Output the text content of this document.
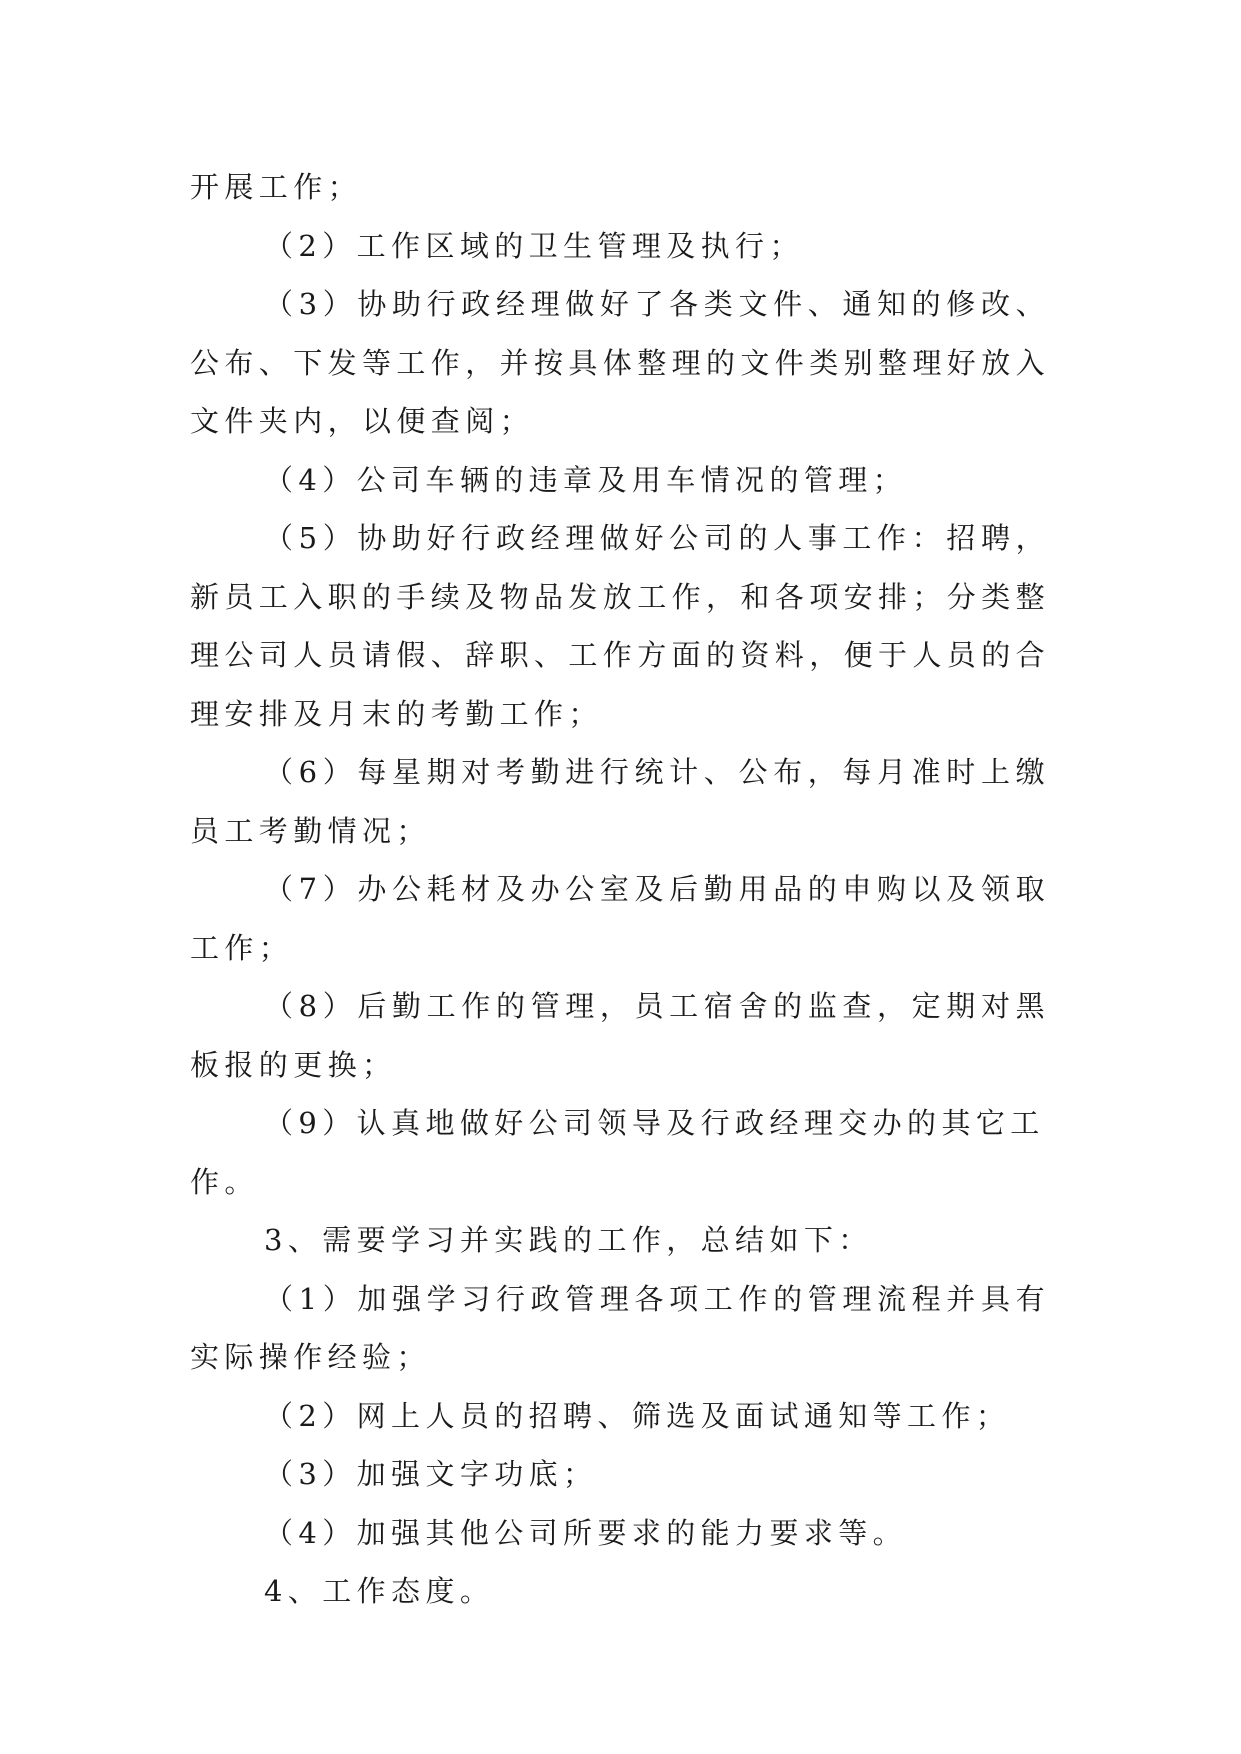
开展工作；

（2）工作区域的卫生管理及执行；

（3）协助行政经理做好了各类文件、通知的修改、公布、下发等工作，并按具体整理的文件类别整理好放入文件夹内，以便查阅；

（4）公司车辆的违章及用车情况的管理；

（5）协助好行政经理做好公司的人事工作：招聘，新员工入职的手续及物品发放工作，和各项安排；分类整理公司人员请假、辞职、工作方面的资料，便于人员的合理安排及月末的考勤工作；

（6）每星期对考勤进行统计、公布，每月准时上缴员工考勤情况；

（7）办公耗材及办公室及后勤用品的申购以及领取工作；

（8）后勤工作的管理，员工宿舍的监查，定期对黑板报的更换；

（9）认真地做好公司领导及行政经理交办的其它工作。

3、需要学习并实践的工作，总结如下：

（1）加强学习行政管理各项工作的管理流程并具有实际操作经验；

（2）网上人员的招聘、筛选及面试通知等工作；

（3）加强文字功底；

（4）加强其他公司所要求的能力要求等。

4、工作态度。
